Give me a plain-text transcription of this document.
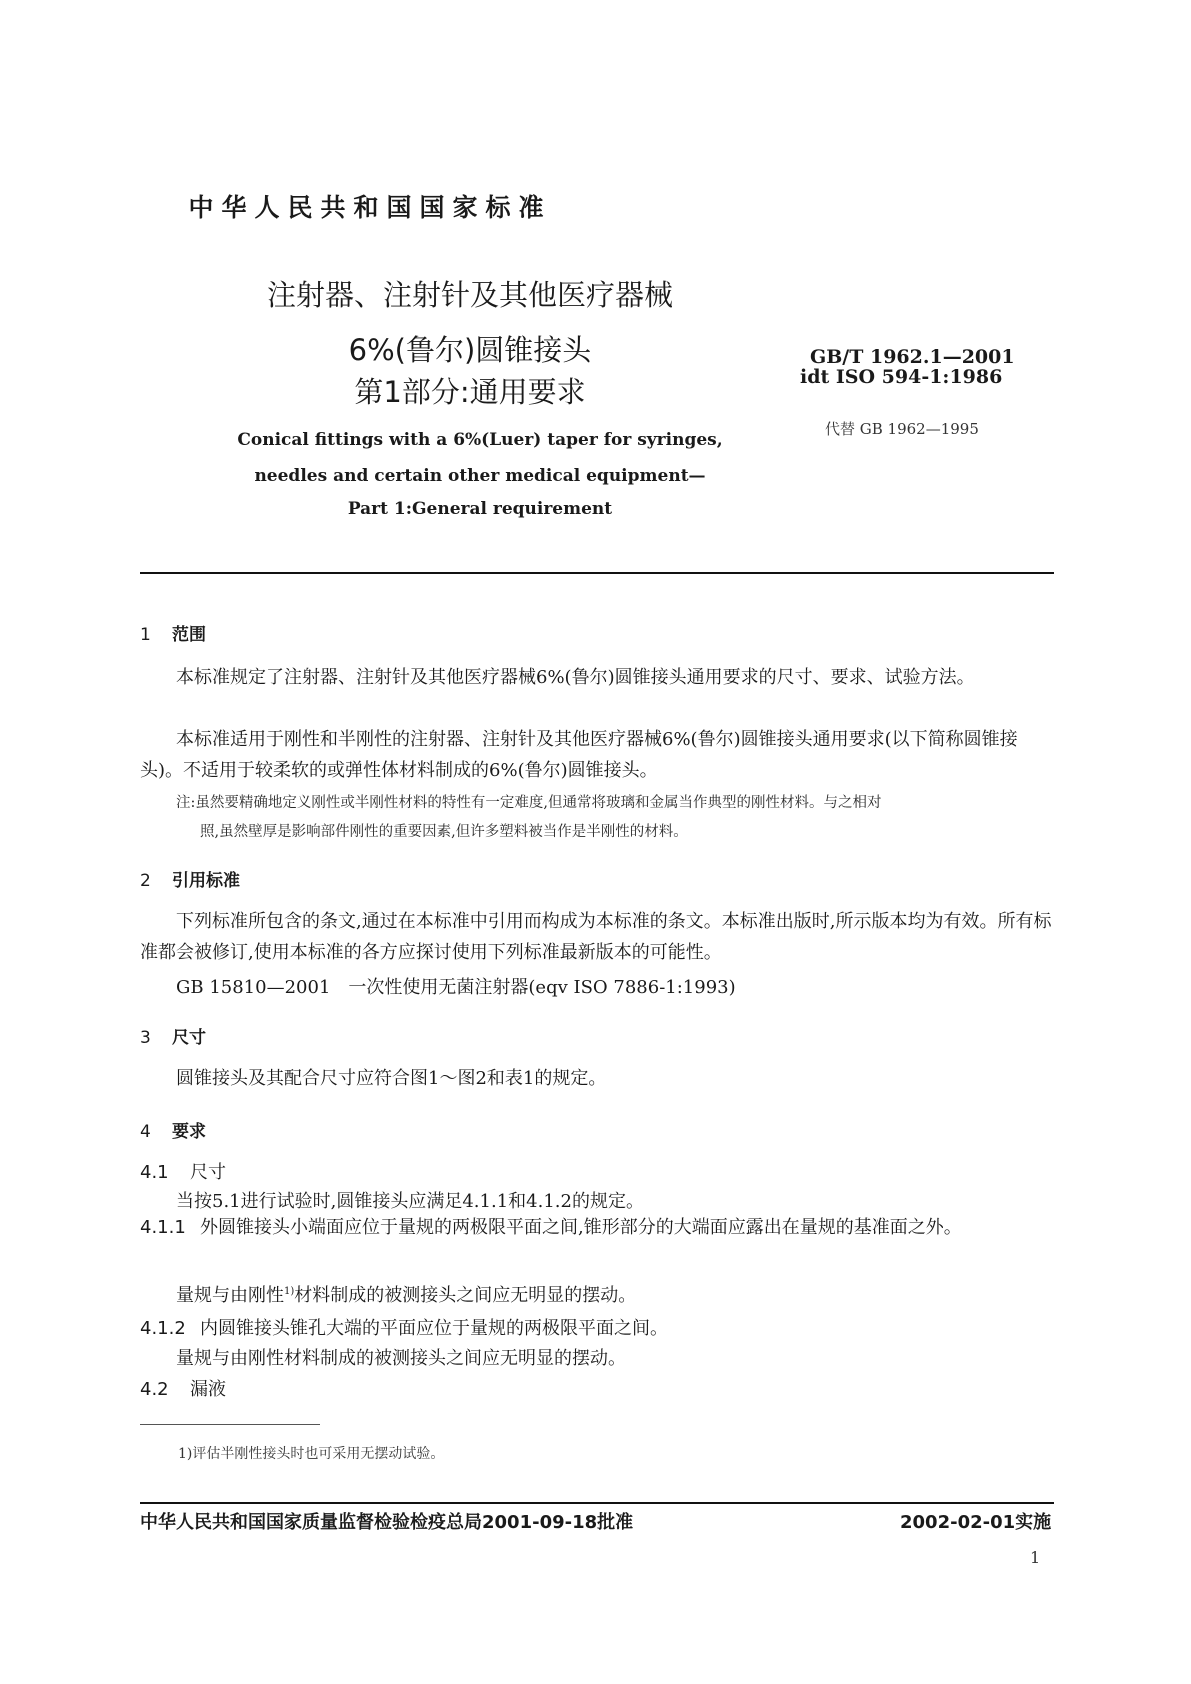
中华人民共和国国家标准
注射器、注射针及其他医疗器械
6%(鲁尔)圆锥接头
第1部分:通用要求
GB/T 1962.1—2001
idt ISO 594-1:1986
代替 GB 1962—1995
Conical fittings with a 6%(Luer) taper for syringes,
needles and certain other medical equipment—
Part 1:General requirement
1 范围
本标准规定了注射器、注射针及其他医疗器械6%(鲁尔)圆锥接头通用要求的尺寸、要求、试验方法。
本标准适用于刚性和半刚性的注射器、注射针及其他医疗器械6%(鲁尔)圆锥接头通用要求(以下简称圆锥接头)。不适用于较柔软的或弹性体材料制成的6%(鲁尔)圆锥接头。
注:虽然要精确地定义刚性或半刚性材料的特性有一定难度,但通常将玻璃和金属当作典型的刚性材料。与之相对
照,虽然壁厚是影响部件刚性的重要因素,但许多塑料被当作是半刚性的材料。
2 引用标准
下列标准所包含的条文,通过在本标准中引用而构成为本标准的条文。本标准出版时,所示版本均为有效。所有标准都会被修订,使用本标准的各方应探讨使用下列标准最新版本的可能性。
GB 15810—2001　一次性使用无菌注射器(eqv ISO 7886-1:1993)
3 尺寸
圆锥接头及其配合尺寸应符合图1～图2和表1的规定。
4 要求
4.1 尺寸
当按5.1进行试验时,圆锥接头应满足4.1.1和4.1.2的规定。
4.1.1 外圆锥接头小端面应位于量规的两极限平面之间,锥形部分的大端面应露出在量规的基准面之外。
量规与由刚性$^{1)}$材料制成的被测接头之间应无明显的摆动。
4.1.2 内圆锥接头锥孔大端的平面应位于量规的两极限平面之间。
量规与由刚性材料制成的被测接头之间应无明显的摆动。
4.2 漏液
1)评估半刚性接头时也可采用无摆动试验。
中华人民共和国国家质量监督检验检疫总局2001-09-18批准	2002-02-01实施
1
